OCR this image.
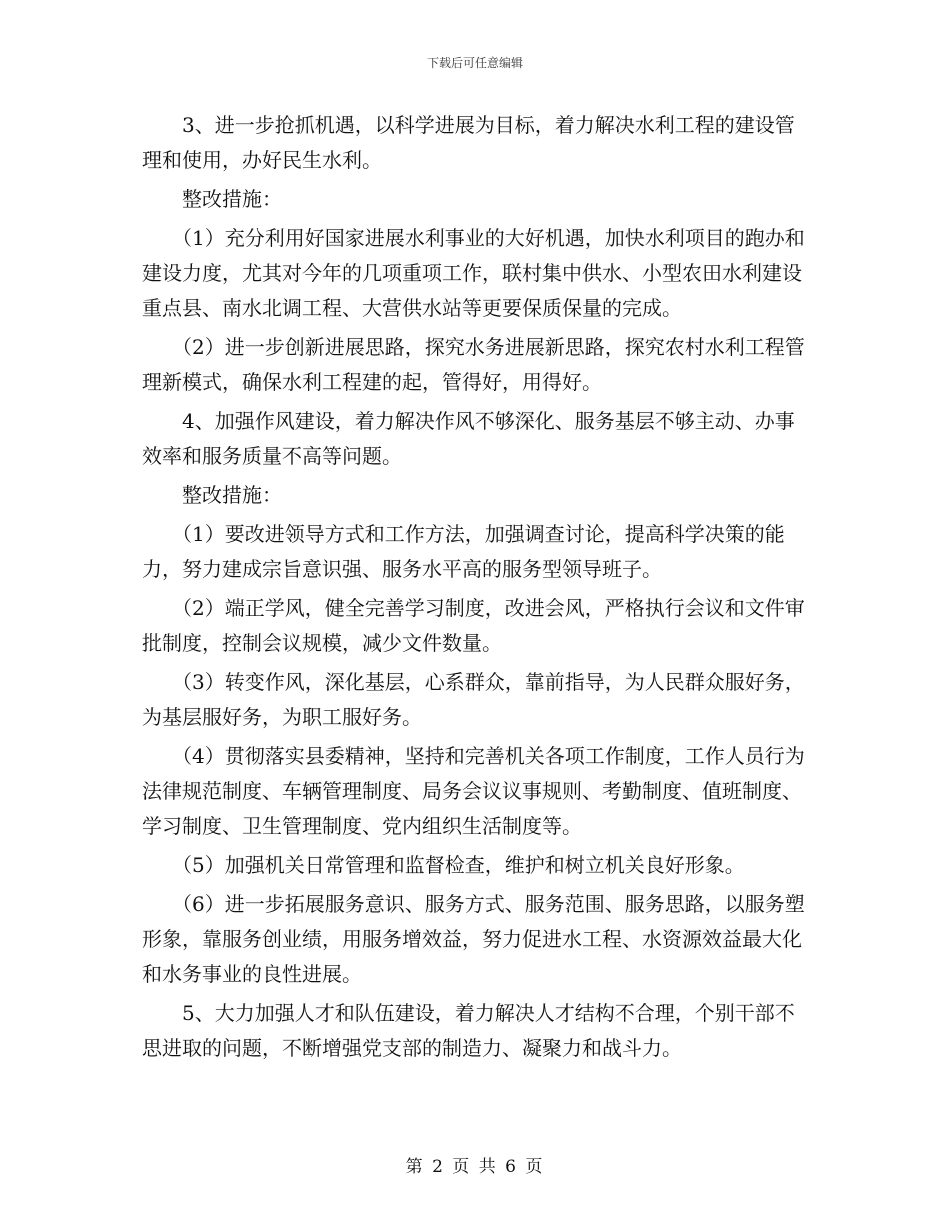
下载后可任意编辑

3、进一步抢抓机遇，以科学进展为目标，着力解决水利工程的建设管理和使用，办好民生水利。

整改措施：

（1）充分利用好国家进展水利事业的大好机遇，加快水利项目的跑办和建设力度，尤其对今年的几项重项工作，联村集中供水、小型农田水利建设重点县、南水北调工程、大营供水站等更要保质保量的完成。

（2）进一步创新进展思路，探究水务进展新思路，探究农村水利工程管理新模式，确保水利工程建的起，管得好，用得好。

4、加强作风建设，着力解决作风不够深化、服务基层不够主动、办事效率和服务质量不高等问题。

整改措施：

（1）要改进领导方式和工作方法，加强调查讨论，提高科学决策的能力，努力建成宗旨意识强、服务水平高的服务型领导班子。

（2）端正学风，健全完善学习制度，改进会风，严格执行会议和文件审批制度，控制会议规模，减少文件数量。

（3）转变作风，深化基层，心系群众，靠前指导，为人民群众服好务，为基层服好务，为职工服好务。

（4）贯彻落实县委精神，坚持和完善机关各项工作制度，工作人员行为法律规范制度、车辆管理制度、局务会议议事规则、考勤制度、值班制度、学习制度、卫生管理制度、党内组织生活制度等。

（5）加强机关日常管理和监督检查，维护和树立机关良好形象。

（6）进一步拓展服务意识、服务方式、服务范围、服务思路，以服务塑形象，靠服务创业绩，用服务增效益，努力促进水工程、水资源效益最大化和水务事业的良性进展。

5、大力加强人才和队伍建设，着力解决人才结构不合理，个别干部不思进取的问题，不断增强党支部的制造力、凝聚力和战斗力。

第 2 页 共 6 页
